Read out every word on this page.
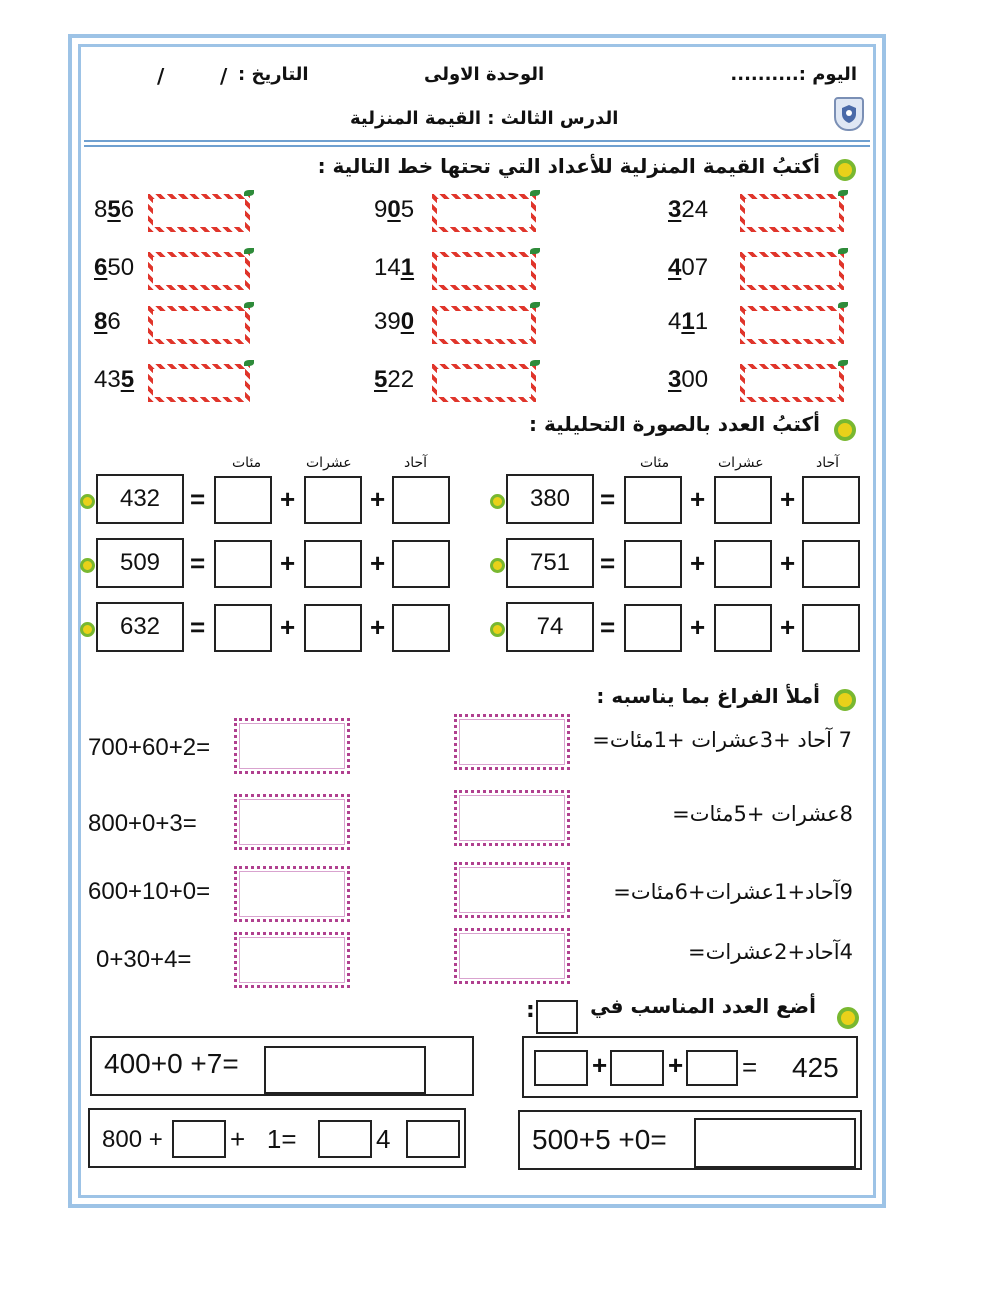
اليوم :..........
الوحدة الاولى
التاريخ :
/        /
الدرس الثالث : القيمة المنزلية
أكتبُ القيمة المنزلية للأعداد التي تحتها خط التالية :
856	905	324
650	141	407
86	390	411
435	522	300
أكتبُ العدد بالصورة التحليلية :
مئات	عشرات	آحاد
432	=	+	+
509	=	+	+
632	=	+	+
مئات	عشرات	آحاد
380	=	+	+
751	=	+	+
74	=	+	+
أملأ الفراغ بما يناسبه :
700+60+2=
800+0+3=
600+10+0=
0+30+4=
7 آحاد +3عشرات +1مئات=
8عشرات +5مئات=
9آحاد+1عشرات+6مئات=
4آحاد+2عشرات=
أضع العدد المناسب في
:
400+0 +7=	+ + = 425
800 +	+   1=	4	500+5 +0=
